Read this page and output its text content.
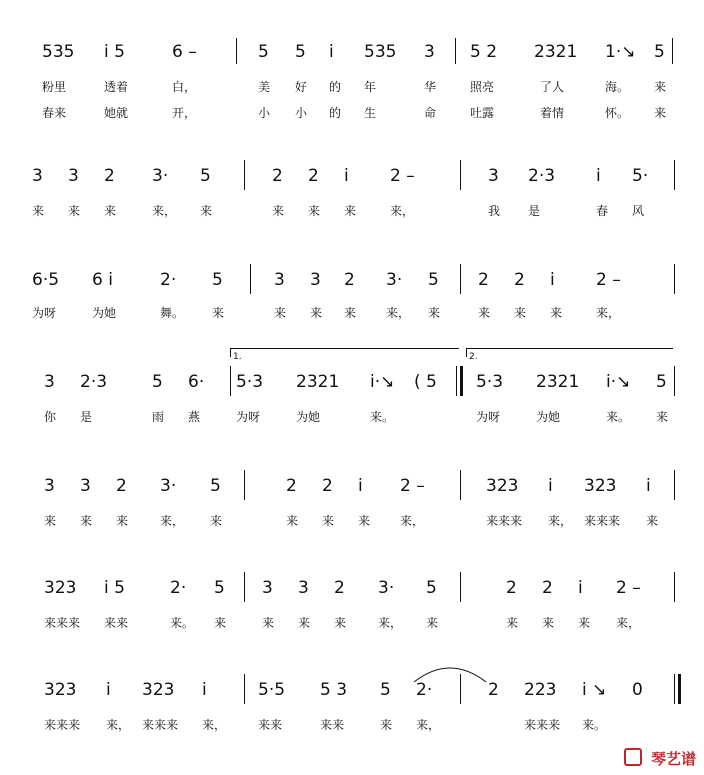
535 i 5	6 –	5 5 i 535 3 5 2 2321 1·↘ 5
粉里	透着	白，	美 好 的 年	华	照亮	了人	海。 来
春来	她就	开，	小 小 的 生	命	吐露	着情	怀。 来
3 3 2 3· 5	2 2 i 2 –	3 2·3 i 5·
来 来 来	来， 来	来 来 来	来，	我 是	春 风
6·5 6 i	2· 5	3 3 2 3· 5 2 2 i 2 –
为呀	为她	舞。 来	来 来 来 来， 来	来 来 来	来，
1.	2.
3 2·3	5 6· 5·3 2321 i·↘ ( 5 5·3 2321 i·↘ 5
你 是	雨 燕	为呀	为她	来。	为呀	为她	来。 来
3 3 2 3· 5	2 2 i 2 –	323 i 323 i
来 来 来	来， 来	来 来 来 来，	来来来 来， 来来来 来
323 i 5	2· 5 3 3 2 3· 5	2 2 i 2 –
来来来 来来	来。 来	来 来 来	来， 来	来 来 来 来，
323 i 323 i	5·5 5 3 5 2·	2 223 i ↘ 0
来来来 来， 来来来 来，	来来	来来	来 来，	来来来 来。
琴艺谱
